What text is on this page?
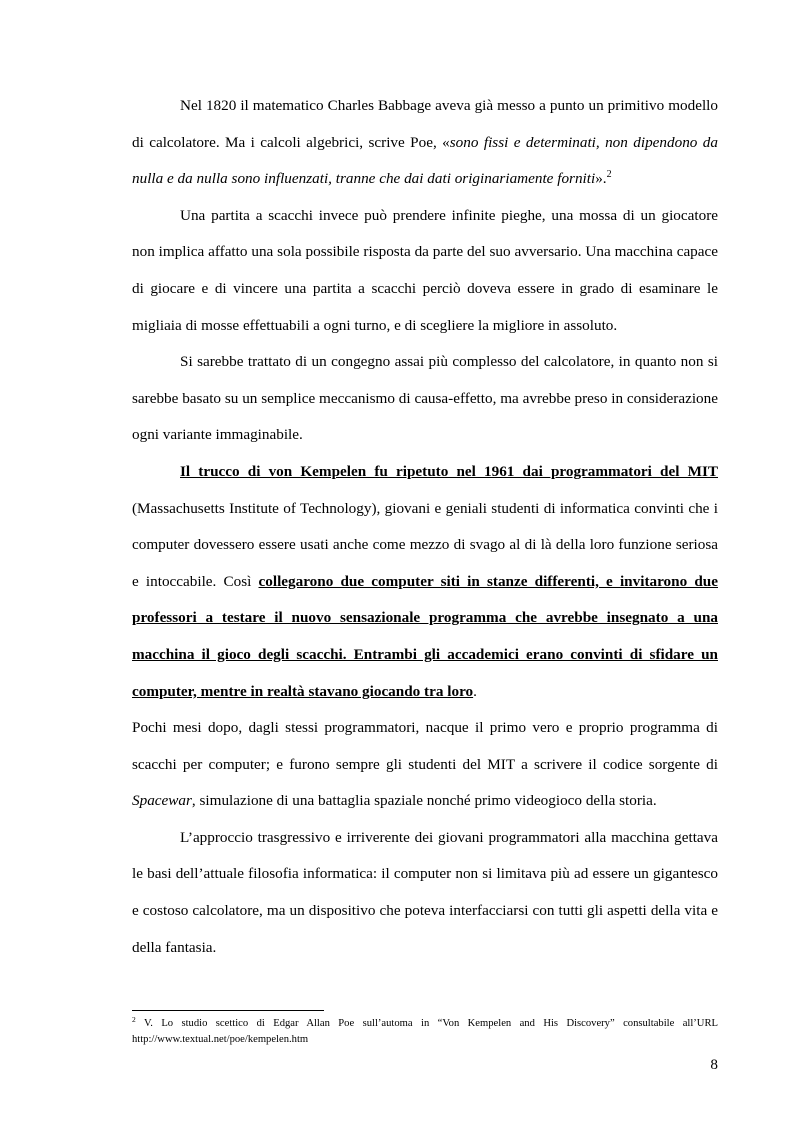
Nel 1820 il matematico Charles Babbage aveva già messo a punto un primitivo modello di calcolatore. Ma i calcoli algebrici, scrive Poe, «sono fissi e determinati, non dipendono da nulla e da nulla sono influenzati, tranne che dai dati originariamente forniti».$^2$

Una partita a scacchi invece può prendere infinite pieghe, una mossa di un giocatore non implica affatto una sola possibile risposta da parte del suo avversario. Una macchina capace di giocare e di vincere una partita a scacchi perciò doveva essere in grado di esaminare le migliaia di mosse effettuabili a ogni turno, e di scegliere la migliore in assoluto.

Si sarebbe trattato di un congegno assai più complesso del calcolatore, in quanto non si sarebbe basato su un semplice meccanismo di causa-effetto, ma avrebbe preso in considerazione ogni variante immaginabile.

Il trucco di von Kempelen fu ripetuto nel 1961 dai programmatori del MIT (Massachusetts Institute of Technology), giovani e geniali studenti di informatica convinti che i computer dovessero essere usati anche come mezzo di svago al di là della loro funzione seriosa e intoccabile. Così collegarono due computer siti in stanze differenti, e invitarono due professori a testare il nuovo sensazionale programma che avrebbe insegnato a una macchina il gioco degli scacchi. Entrambi gli accademici erano convinti di sfidare un computer, mentre in realtà stavano giocando tra loro.

Pochi mesi dopo, dagli stessi programmatori, nacque il primo vero e proprio programma di scacchi per computer; e furono sempre gli studenti del MIT a scrivere il codice sorgente di Spacewar, simulazione di una battaglia spaziale nonché primo videogioco della storia.

L’approccio trasgressivo e irriverente dei giovani programmatori alla macchina gettava le basi dell’attuale filosofia informatica: il computer non si limitava più ad essere un gigantesco e costoso calcolatore, ma un dispositivo che poteva interfacciarsi con tutti gli aspetti della vita e della fantasia.

$^2$ V. Lo studio scettico di Edgar Allan Poe sull’automa in “Von Kempelen and His Discovery” consultabile all’URL http://www.textual.net/poe/kempelen.htm

8
